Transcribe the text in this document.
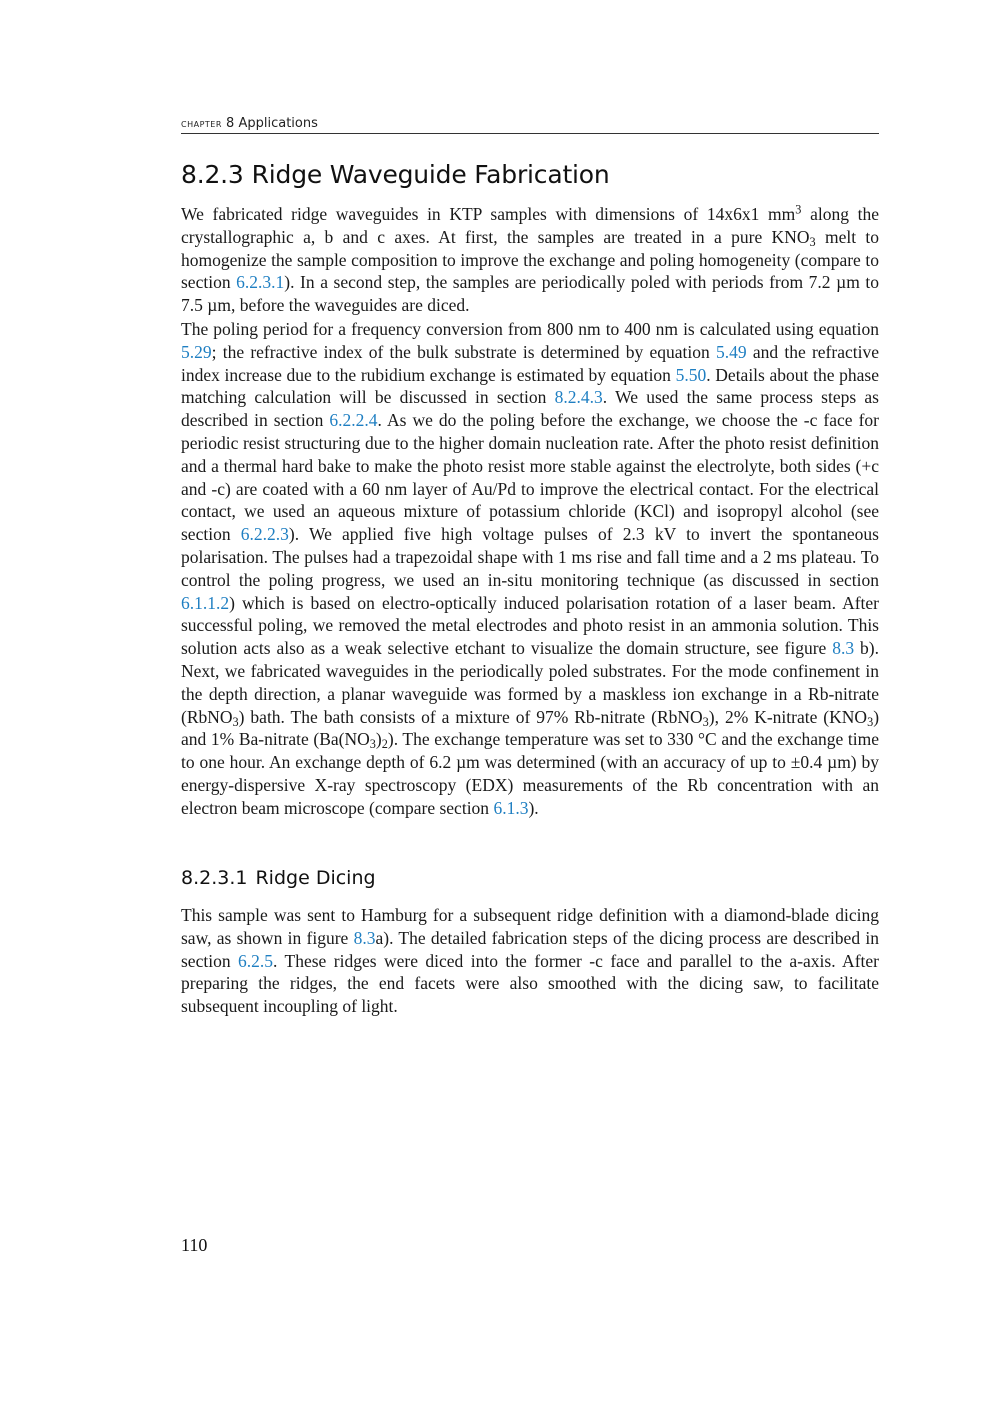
chapter 8 Applications
8.2.3 Ridge Waveguide Fabrication

We fabricated ridge waveguides in KTP samples with dimensions of 14x6x1 $mm^3$ along the crystallographic a, b and c axes. At first, the samples are treated in a pure $KNO_3$ melt to homogenize the sample composition to improve the exchange and poling homogeneity (compare to section 6.2.3.1). In a second step, the samples are periodically poled with periods from 7.2 µm to 7.5 µm, before the waveguides are diced.

The poling period for a frequency conversion from 800 nm to 400 nm is calculated using equation 5.29; the refractive index of the bulk substrate is determined by equation 5.49 and the refractive index increase due to the rubidium exchange is estimated by equation 5.50. Details about the phase matching calculation will be discussed in section 8.2.4.3. We used the same process steps as described in section 6.2.2.4. As we do the poling before the exchange, we choose the -c face for periodic resist structuring due to the higher domain nucleation rate. After the photo resist definition and a thermal hard bake to make the photo resist more stable against the electrolyte, both sides (+c and -c) are coated with a 60 nm layer of Au/Pd to improve the electrical contact. For the electrical contact, we used an aqueous mixture of potassium chloride (KCl) and isopropyl alcohol (see section 6.2.2.3). We applied five high voltage pulses of 2.3 kV to invert the spontaneous polarisation. The pulses had a trapezoidal shape with 1 ms rise and fall time and a 2 ms plateau. To control the poling progress, we used an in-situ monitoring technique (as discussed in section 6.1.1.2) which is based on electro-optically induced polarisation rotation of a laser beam. After successful poling, we removed the metal electrodes and photo resist in an ammonia solution. This solution acts also as a weak selective etchant to visualize the domain structure, see figure 8.3 b). Next, we fabricated waveguides in the periodically poled substrates. For the mode confinement in the depth direction, a planar waveguide was formed by a maskless ion exchange in a Rb-nitrate (RbNO$_3$) bath. The bath consists of a mixture of 97% Rb-nitrate (RbNO$_3$), 2% K-nitrate $(KNO_3)$ and 1% Ba-nitrate $(Ba(NO_3)_2)$. The exchange temperature was set to 330 °C and the exchange time to one hour. An exchange depth of 6.2 µm was determined (with an accuracy of up to ±0.4 µm) by energy-dispersive X-ray spectroscopy (EDX) measurements of the Rb concentration with an electron beam microscope (compare section 6.1.3).

8.2.3.1 Ridge Dicing

This sample was sent to Hamburg for a subsequent ridge definition with a diamond-blade dicing saw, as shown in figure 8.3a). The detailed fabrication steps of the dicing process are described in section 6.2.5. These ridges were diced into the former -c face and parallel to the a-axis. After preparing the ridges, the end facets were also smoothed with the dicing saw, to facilitate subsequent incoupling of light.

110
